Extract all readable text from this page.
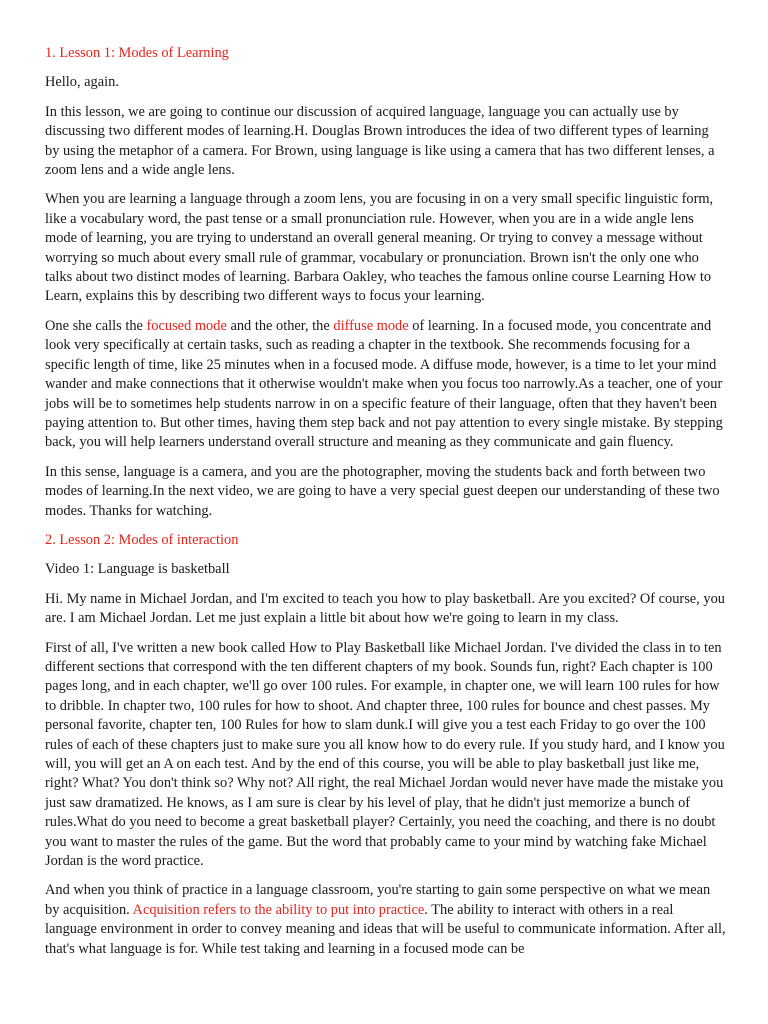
1. Lesson 1: Modes of Learning

Hello, again.

In this lesson, we are going to continue our discussion of acquired language, language you can actually use by discussing two different modes of learning.H. Douglas Brown introduces the idea of two different types of learning by using the metaphor of a camera. For Brown, using language is like using a camera that has two different lenses, a zoom lens and a wide angle lens.

When you are learning a language through a zoom lens, you are focusing in on a very small specific linguistic form, like a vocabulary word, the past tense or a small pronunciation rule. However, when you are in a wide angle lens mode of learning, you are trying to understand an overall general meaning. Or trying to convey a message without worrying so much about every small rule of grammar, vocabulary or pronunciation. Brown isn't the only one who talks about two distinct modes of learning. Barbara Oakley, who teaches the famous online course Learning How to Learn, explains this by describing two different ways to focus your learning.

One she calls the focused mode and the other, the diffuse mode of learning. In a focused mode, you concentrate and look very specifically at certain tasks, such as reading a chapter in the textbook. She recommends focusing for a specific length of time, like 25 minutes when in a focused mode. A diffuse mode, however, is a time to let your mind wander and make connections that it otherwise wouldn't make when you focus too narrowly.As a teacher, one of your jobs will be to sometimes help students narrow in on a specific feature of their language, often that they haven't been paying attention to. But other times, having them step back and not pay attention to every single mistake. By stepping back, you will help learners understand overall structure and meaning as they communicate and gain fluency.

In this sense, language is a camera, and you are the photographer, moving the students back and forth between two modes of learning.In the next video, we are going to have a very special guest deepen our understanding of these two modes. Thanks for watching.

2. Lesson 2: Modes of interaction

Video 1: Language is basketball

Hi. My name in Michael Jordan, and I'm excited to teach you how to play basketball. Are you excited? Of course, you are. I am Michael Jordan. Let me just explain a little bit about how we're going to learn in my class.

First of all, I've written a new book called How to Play Basketball like Michael Jordan. I've divided the class in to ten different sections that correspond with the ten different chapters of my book. Sounds fun, right? Each chapter is 100 pages long, and in each chapter, we'll go over 100 rules. For example, in chapter one, we will learn 100 rules for how to dribble. In chapter two, 100 rules for how to shoot. And chapter three, 100 rules for bounce and chest passes. My personal favorite, chapter ten, 100 Rules for how to slam dunk.I will give you a test each Friday to go over the 100 rules of each of these chapters just to make sure you all know how to do every rule. If you study hard, and I know you will, you will get an A on each test. And by the end of this course, you will be able to play basketball just like me, right? What? You don't think so? Why not? All right, the real Michael Jordan would never have made the mistake you just saw dramatized. He knows, as I am sure is clear by his level of play, that he didn't just memorize a bunch of rules.What do you need to become a great basketball player? Certainly, you need the coaching, and there is no doubt you want to master the rules of the game. But the word that probably came to your mind by watching fake Michael Jordan is the word practice.

And when you think of practice in a language classroom, you're starting to gain some perspective on what we mean by acquisition. Acquisition refers to the ability to put into practice. The ability to interact with others in a real language environment in order to convey meaning and ideas that will be useful to communicate information. After all, that's what language is for. While test taking and learning in a focused mode can be
